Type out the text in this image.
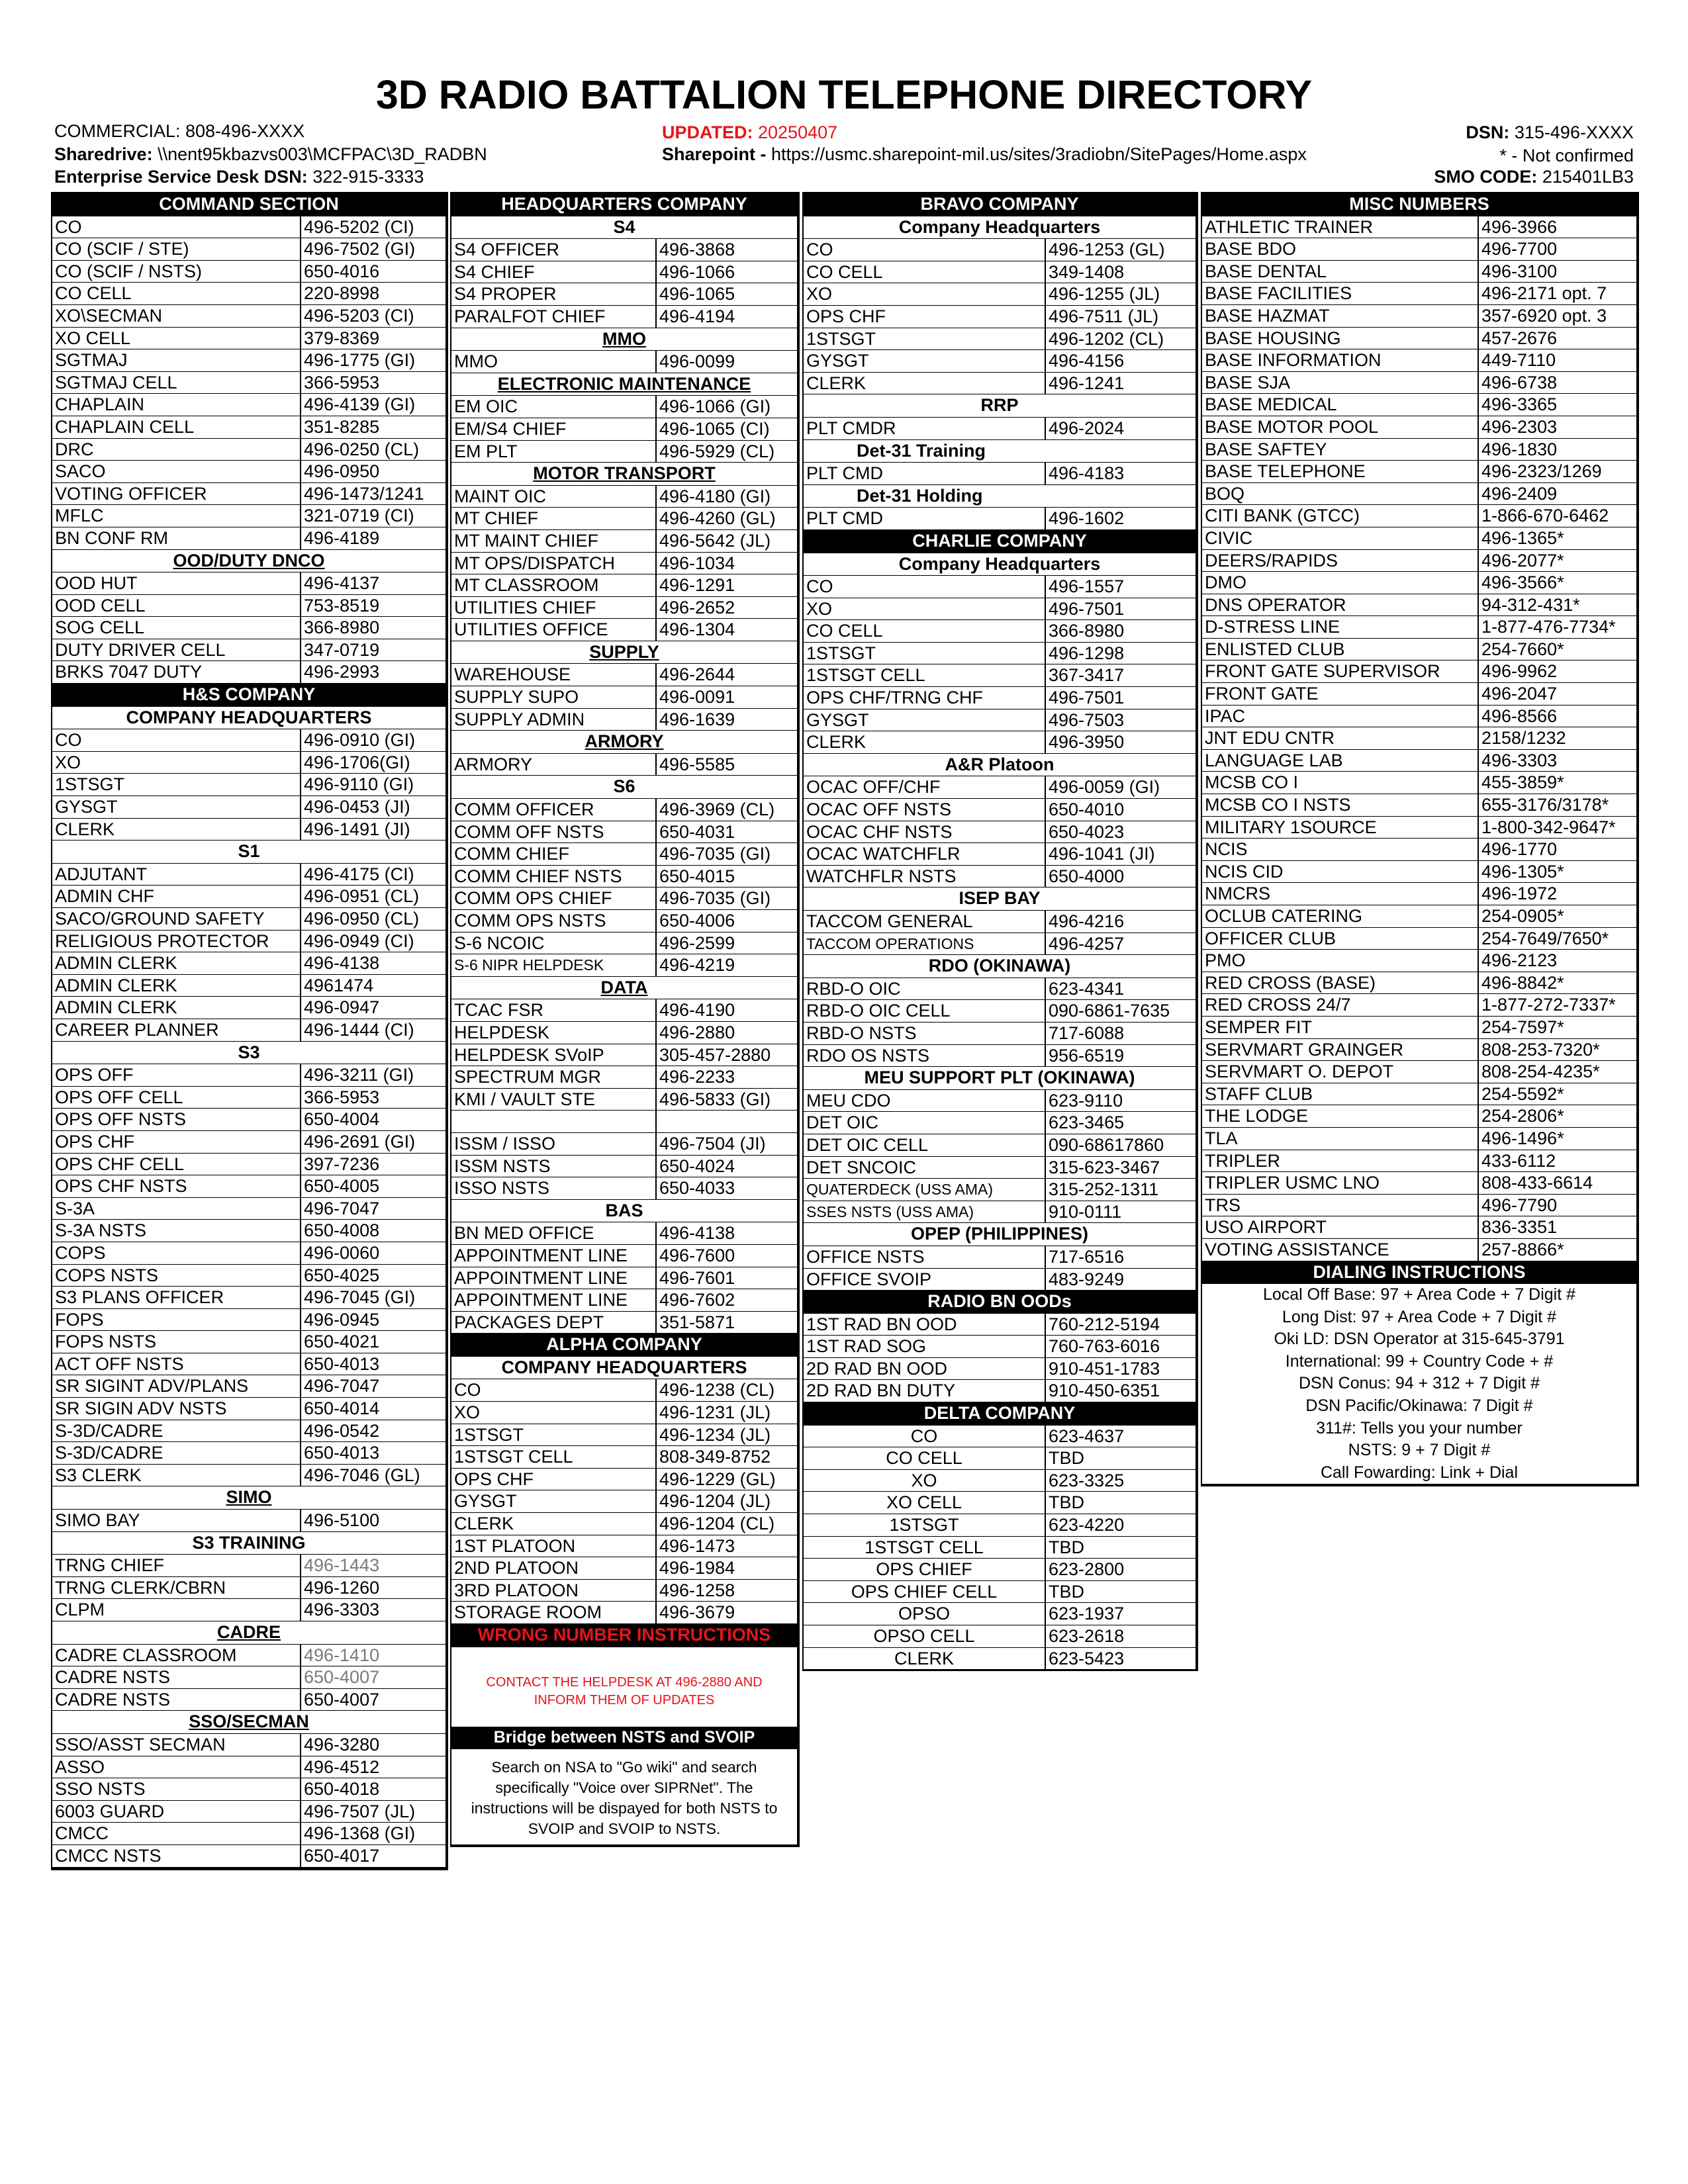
3D RADIO BATTALION TELEPHONE DIRECTORY
COMMERCIAL: 808-496-XXXX	UPDATED: 20250407	DSN: 315-496-XXXX
Sharedrive: \\nent95kbazvs003\MCFPAC\3D_RADBN	Sharepoint - https://usmc.sharepoint-mil.us/sites/3radiobn/SitePages/Home.aspx	* - Not confirmed
Enterprise Service Desk DSN: 322-915-3333	SMO CODE: 215401LB3
COMMAND SECTION
CO	496-5202 (CI)
CO (SCIF / STE)	496-7502 (GI)
CO (SCIF / NSTS)	650-4016
CO CELL	220-8998
XO\SECMAN	496-5203 (CI)
XO CELL	379-8369
SGTMAJ	496-1775 (GI)
SGTMAJ CELL	366-5953
CHAPLAIN	496-4139 (GI)
CHAPLAIN CELL	351-8285
DRC	496-0250 (CL)
SACO	496-0950
VOTING OFFICER	496-1473/1241
MFLC	321-0719 (CI)
BN CONF RM	496-4189
OOD/DUTY DNCO
OOD HUT	496-4137
OOD CELL	753-8519
SOG CELL	366-8980
DUTY DRIVER CELL	347-0719
BRKS 7047 DUTY	496-2993
H&S COMPANY
COMPANY HEADQUARTERS
CO	496-0910 (GI)
XO	496-1706(GI)
1STSGT	496-9110 (GI)
GYSGT	496-0453 (JI)
CLERK	496-1491 (JI)
S1
ADJUTANT	496-4175 (CI)
ADMIN CHF	496-0951 (CL)
SACO/GROUND SAFETY	496-0950 (CL)
RELIGIOUS PROTECTOR	496-0949 (CI)
ADMIN CLERK	496-4138
ADMIN CLERK	4961474
ADMIN CLERK	496-0947
CAREER PLANNER	496-1444 (CI)
S3
OPS OFF	496-3211 (GI)
OPS OFF CELL	366-5953
OPS OFF NSTS	650-4004
OPS CHF	496-2691 (GI)
OPS CHF CELL	397-7236
OPS CHF NSTS	650-4005
S-3A	496-7047
S-3A NSTS	650-4008
COPS	496-0060
COPS NSTS	650-4025
S3 PLANS OFFICER	496-7045 (GI)
FOPS	496-0945
FOPS NSTS	650-4021
ACT OFF NSTS	650-4013
SR SIGINT ADV/PLANS	496-7047
SR SIGIN ADV NSTS	650-4014
S-3D/CADRE	496-0542
S-3D/CADRE	650-4013
S3 CLERK	496-7046 (GL)
SIMO
SIMO BAY	496-5100
S3 TRAINING
TRNG CHIEF	496-1443
TRNG CLERK/CBRN	496-1260
CLPM	496-3303
CADRE
CADRE CLASSROOM	496-1410
CADRE NSTS	650-4007
CADRE NSTS	650-4007
SSO/SECMAN
SSO/ASST SECMAN	496-3280
ASSO	496-4512
SSO NSTS	650-4018
6003 GUARD	496-7507 (JL)
CMCC	496-1368 (GI)
CMCC NSTS	650-4017
HEADQUARTERS COMPANY
S4
S4 OFFICER	496-3868
S4 CHIEF	496-1066
S4 PROPER	496-1065
PARALFOT CHIEF	496-4194
MMO
MMO	496-0099
ELECTRONIC MAINTENANCE
EM OIC	496-1066 (GI)
EM/S4 CHIEF	496-1065 (CI)
EM PLT	496-5929 (CL)
MOTOR TRANSPORT
MAINT OIC	496-4180 (GI)
MT CHIEF	496-4260 (GL)
MT MAINT CHIEF	496-5642 (JL)
MT OPS/DISPATCH	496-1034
MT CLASSROOM	496-1291
UTILITIES CHIEF	496-2652
UTILITIES OFFICE	496-1304
SUPPLY
WAREHOUSE	496-2644
SUPPLY SUPO	496-0091
SUPPLY ADMIN	496-1639
ARMORY
ARMORY	496-5585
S6
COMM OFFICER	496-3969 (CL)
COMM OFF NSTS	650-4031
COMM CHIEF	496-7035 (GI)
COMM CHIEF NSTS	650-4015
COMM OPS CHIEF	496-7035 (GI)
COMM OPS NSTS	650-4006
S-6 NCOIC	496-2599
S-6 NIPR HELPDESK	496-4219
DATA
TCAC FSR	496-4190
HELPDESK	496-2880
HELPDESK SVoIP	305-457-2880
SPECTRUM MGR	496-2233
KMI / VAULT STE	496-5833 (GI)
ISSM / ISSO	496-7504 (JI)
ISSM NSTS	650-4024
ISSO NSTS	650-4033
BAS
BN MED OFFICE	496-4138
APPOINTMENT LINE	496-7600
APPOINTMENT LINE	496-7601
APPOINTMENT LINE	496-7602
PACKAGES DEPT	351-5871
ALPHA COMPANY
COMPANY HEADQUARTERS
CO	496-1238 (CL)
XO	496-1231 (JL)
1STSGT	496-1234 (JL)
1STSGT CELL	808-349-8752
OPS CHF	496-1229 (GL)
GYSGT	496-1204 (JL)
CLERK	496-1204 (CL)
1ST PLATOON	496-1473
2ND PLATOON	496-1984
3RD PLATOON	496-1258
STORAGE ROOM	496-3679
WRONG NUMBER INSTRUCTIONS
CONTACT THE HELPDESK AT 496-2880 AND INFORM THEM OF UPDATES
Bridge between NSTS and SVOIP
Search on NSA to "Go wiki" and search specifically "Voice over SIPRNet". The instructions will be dispayed for both NSTS to SVOIP and SVOIP to NSTS.
BRAVO COMPANY
Company Headquarters
CO	496-1253 (GL)
CO CELL	349-1408
XO	496-1255 (JL)
OPS CHF	496-7511 (JL)
1STSGT	496-1202 (CL)
GYSGT	496-4156
CLERK	496-1241
RRP
PLT CMDR	496-2024
Det-31 Training
PLT CMD	496-4183
Det-31 Holding
PLT CMD	496-1602
CHARLIE COMPANY
Company Headquarters
CO	496-1557
XO	496-7501
CO CELL	366-8980
1STSGT	496-1298
1STSGT CELL	367-3417
OPS CHF/TRNG CHF	496-7501
GYSGT	496-7503
CLERK	496-3950
A&R Platoon
OCAC OFF/CHF	496-0059 (GI)
OCAC OFF NSTS	650-4010
OCAC CHF NSTS	650-4023
OCAC WATCHFLR	496-1041 (JI)
WATCHFLR NSTS	650-4000
ISEP BAY
TACCOM GENERAL	496-4216
TACCOM OPERATIONS	496-4257
RDO (OKINAWA)
RBD-O OIC	623-4341
RBD-O OIC CELL	090-6861-7635
RBD-O NSTS	717-6088
RDO OS NSTS	956-6519
MEU SUPPORT PLT (OKINAWA)
MEU CDO	623-9110
DET OIC	623-3465
DET OIC CELL	090-68617860
DET SNCOIC	315-623-3467
QUATERDECK (USS AMA)	315-252-1311
SSES NSTS (USS AMA)	910-0111
OPEP (PHILIPPINES)
OFFICE NSTS	717-6516
OFFICE SVOIP	483-9249
RADIO BN OODs
1ST RAD BN OOD	760-212-5194
1ST RAD SOG	760-763-6016
2D RAD BN OOD	910-451-1783
2D RAD BN DUTY	910-450-6351
DELTA COMPANY
CO	623-4637
CO CELL	TBD
XO	623-3325
XO CELL	TBD
1STSGT	623-4220
1STSGT CELL	TBD
OPS CHIEF	623-2800
OPS CHIEF CELL	TBD
OPSO	623-1937
OPSO CELL	623-2618
CLERK	623-5423
MISC NUMBERS
ATHLETIC TRAINER	496-3966
BASE BDO	496-7700
BASE DENTAL	496-3100
BASE FACILITIES	496-2171 opt. 7
BASE HAZMAT	357-6920 opt. 3
BASE HOUSING	457-2676
BASE INFORMATION	449-7110
BASE SJA	496-6738
BASE MEDICAL	496-3365
BASE MOTOR POOL	496-2303
BASE SAFTEY	496-1830
BASE TELEPHONE	496-2323/1269
BOQ	496-2409
CITI BANK (GTCC)	1-866-670-6462
CIVIC	496-1365*
DEERS/RAPIDS	496-2077*
DMO	496-3566*
DNS OPERATOR	94-312-431*
D-STRESS LINE	1-877-476-7734*
ENLISTED CLUB	254-7660*
FRONT GATE SUPERVISOR	496-9962
FRONT GATE	496-2047
IPAC	496-8566
JNT EDU CNTR	2158/1232
LANGUAGE LAB	496-3303
MCSB CO I	455-3859*
MCSB CO I NSTS	655-3176/3178*
MILITARY 1SOURCE	1-800-342-9647*
NCIS	496-1770
NCIS CID	496-1305*
NMCRS	496-1972
OCLUB CATERING	254-0905*
OFFICER CLUB	254-7649/7650*
PMO	496-2123
RED CROSS (BASE)	496-8842*
RED CROSS 24/7	1-877-272-7337*
SEMPER FIT	254-7597*
SERVMART GRAINGER	808-253-7320*
SERVMART O. DEPOT	808-254-4235*
STAFF CLUB	254-5592*
THE LODGE	254-2806*
TLA	496-1496*
TRIPLER	433-6112
TRIPLER USMC LNO	808-433-6614
TRS	496-7790
USO AIRPORT	836-3351
VOTING ASSISTANCE	257-8866*
DIALING INSTRUCTIONS
Local Off Base: 97 + Area Code + 7 Digit #
Long Dist: 97 + Area Code + 7 Digit #
Oki LD: DSN Operator at 315-645-3791
International: 99 + Country Code + #
DSN Conus: 94 + 312 + 7 Digit #
DSN Pacific/Okinawa: 7 Digit #
311#: Tells you your number
NSTS: 9 + 7 Digit #
Call Fowarding: Link + Dial
